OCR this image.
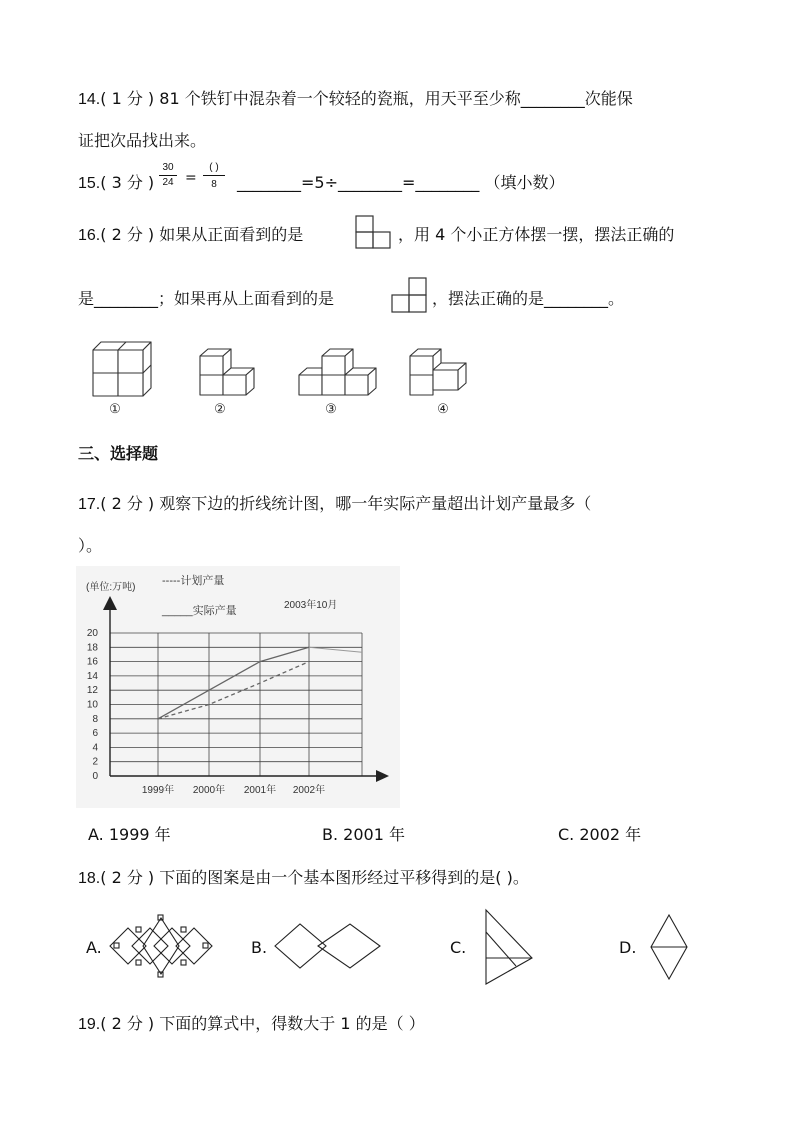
14.( 1 分 ) 81 个铁钉中混杂着一个较轻的瓷瓶，用天平至少称________次能保
证把次品找出来。
15.( 3 分 )
30
24 =
( )
8	________=5÷________=________ （填小数）
16.( 2 分 ) 如果从正面看到的是	，用 4 个小正方体摆一摆，摆法正确的
是________；如果再从上面看到的是	，摆法正确的是________。
①	②	③	④
三、选择题
17.( 2 分 ) 观察下边的折线统计图，哪一年实际产量超出计划产量最多（
）。
0
2
4
6
8
10
12
14
16
18
20
1999年 2000年 2001年 2002年
(单位:万吨)
-----计划产量
_____实际产量	2003年10月
A. 1999 年	B. 2001 年	C. 2002 年
18.( 2 分 ) 下面的图案是由一个基本图形经过平移得到的是( )。
A.	B.	C.	D.
19.( 2 分 ) 下面的算式中，得数大于 1 的是（ ）
